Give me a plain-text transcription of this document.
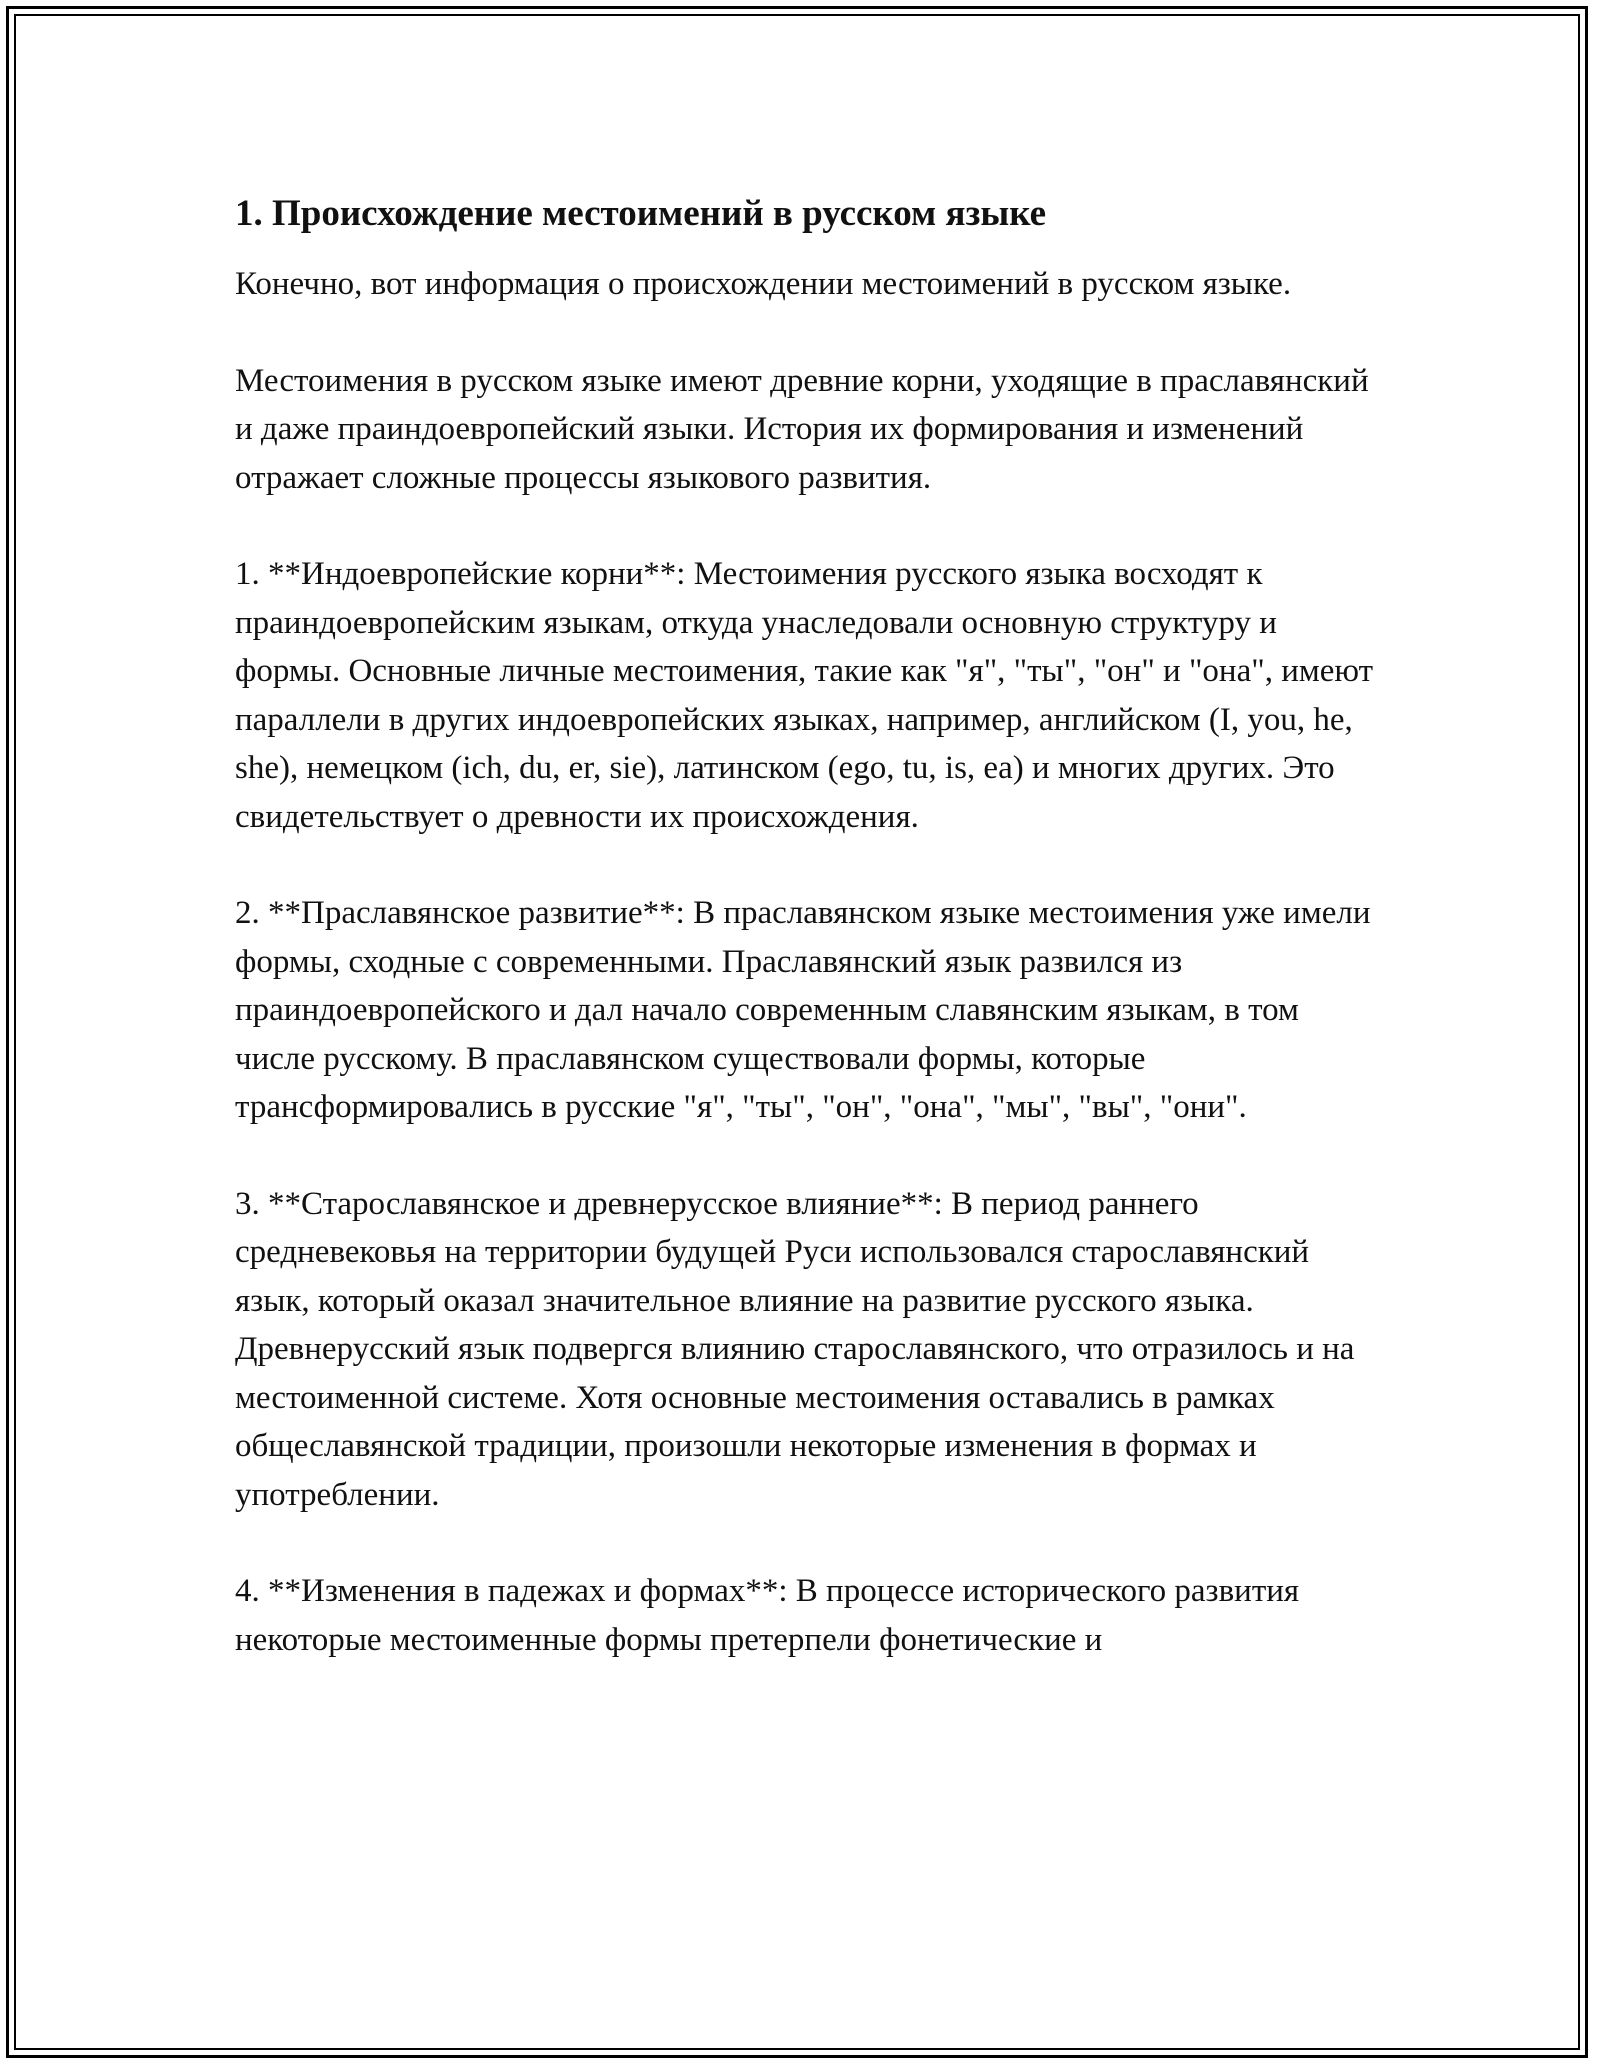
1. Происхождение местоимений в русском языке

Конечно, вот информация о происхождении местоимений в русском языке.

Местоимения в русском языке имеют древние корни, уходящие в праславянский и даже праиндоевропейский языки. История их формирования и изменений отражает сложные процессы языкового развития.

1. **Индоевропейские корни**: Местоимения русского языка восходят к праиндоевропейским языкам, откуда унаследовали основную структуру и формы. Основные личные местоимения, такие как "я", "ты", "он" и "она", имеют параллели в других индоевропейских языках, например, английском (I, you, he, she), немецком (ich, du, er, sie), латинском (ego, tu, is, ea) и многих других. Это свидетельствует о древности их происхождения.

2. **Праславянское развитие**: В праславянском языке местоимения уже имели формы, сходные с современными. Праславянский язык развился из праиндоевропейского и дал начало современным славянским языкам, в том числе русскому. В праславянском существовали формы, которые трансформировались в русские "я", "ты", "он", "она", "мы", "вы", "они".

3. **Старославянское и древнерусское влияние**: В период раннего средневековья на территории будущей Руси использовался старославянский язык, который оказал значительное влияние на развитие русского языка. Древнерусский язык подвергся влиянию старославянского, что отразилось и на местоименной системе. Хотя основные местоимения оставались в рамках общеславянской традиции, произошли некоторые изменения в формах и употреблении.

4. **Изменения в падежах и формах**: В процессе исторического развития некоторые местоименные формы претерпели фонетические и
